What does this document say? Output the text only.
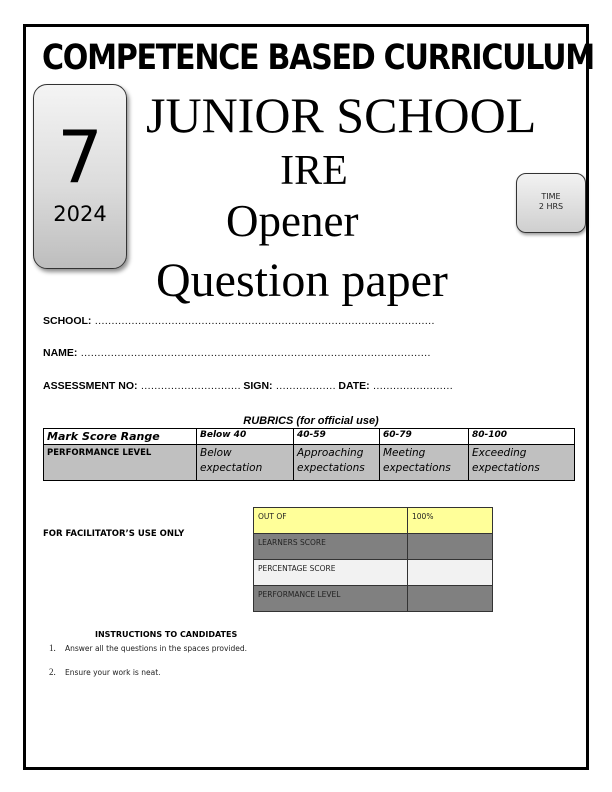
COMPETENCE BASED CURRICULUM
7
2024
JUNIOR SCHOOL
IRE
Opener
Question paper
TIME
2 HRS
SCHOOL: …………………………………………………………………………………………
NAME: ……………………………………………………………………………………………
ASSESSMENT NO: ………………………… SIGN: ……………… DATE: ……………………
RUBRICS (for official use)
Mark Score Range	Below 40	40-59	60-79	80-100
PERFORMANCE LEVEL	Below expectation	Approaching expectations	Meeting expectations	Exceeding expectations
FOR FACILITATOR’S USE ONLY
OUT OF	100%
LEARNERS SCORE	
PERCENTAGE SCORE	
PERFORMANCE LEVEL	
INSTRUCTIONS TO CANDIDATES
1. Answer all the questions in the spaces provided.
2. Ensure your work is neat.
